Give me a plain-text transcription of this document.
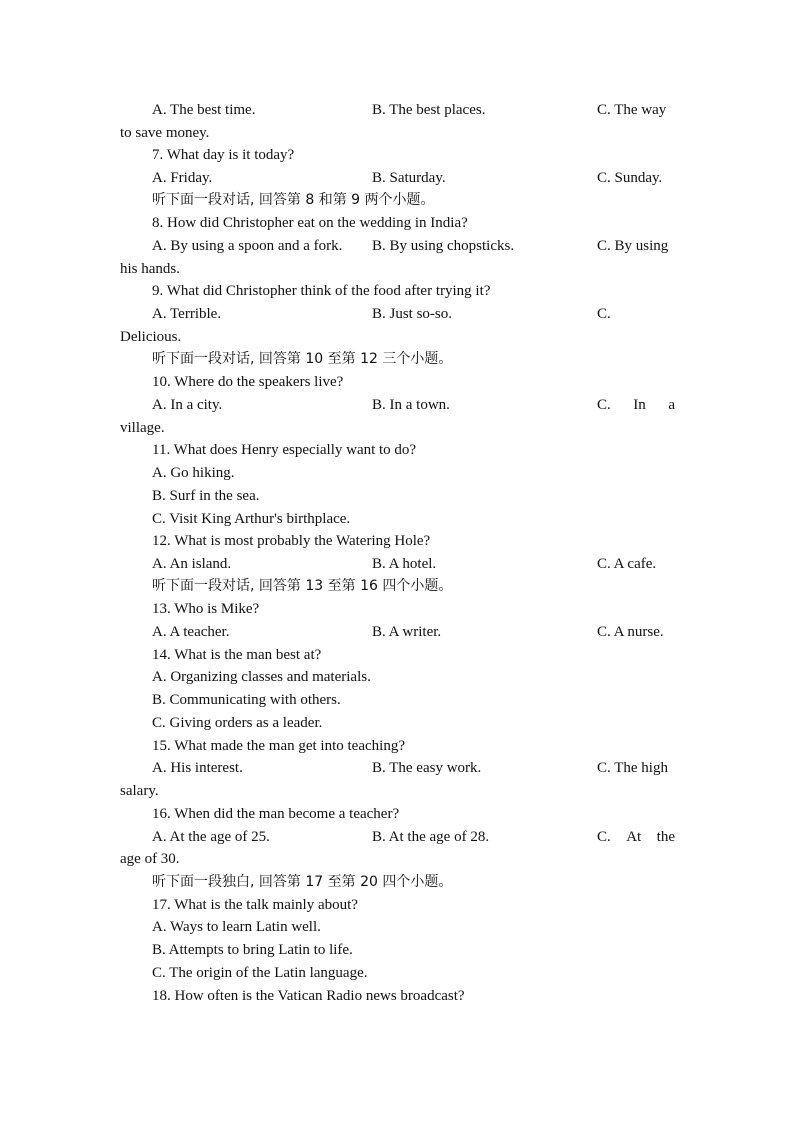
A. The best time.	B. The best places.	C. The way
to save money.
7. What day is it today?
A. Friday.	B. Saturday.	C. Sunday.
听下面一段对话, 回答第 8 和第 9 两个小题。
8. How did Christopher eat on the wedding in India?
A. By using a spoon and a fork. B. By using chopsticks.	C. By using
his hands.
9. What did Christopher think of the food after trying it?
A. Terrible.	B. Just so-so.	C.
Delicious.
听下面一段对话, 回答第 10 至第 12 三个小题。
10. Where do the speakers live?
A. In a city.	B. In a town.	C. In a
village.
11. What does Henry especially want to do?
A. Go hiking.
B. Surf in the sea.
C. Visit King Arthur's birthplace.
12. What is most probably the Watering Hole?
A. An island.	B. A hotel.	C. A cafe.
听下面一段对话, 回答第 13 至第 16 四个小题。
13. Who is Mike?
A. A teacher.	B. A writer.	C. A nurse.
14. What is the man best at?
A. Organizing classes and materials.
B. Communicating with others.
C. Giving orders as a leader.
15. What made the man get into teaching?
A. His interest.	B. The easy work.	C. The high
salary.
16. When did the man become a teacher?
A. At the age of 25.	B. At the age of 28.	C. At the
age of 30.
听下面一段独白, 回答第 17 至第 20 四个小题。
17. What is the talk mainly about?
A. Ways to learn Latin well.
B. Attempts to bring Latin to life.
C. The origin of the Latin language.
18. How often is the Vatican Radio news broadcast?
